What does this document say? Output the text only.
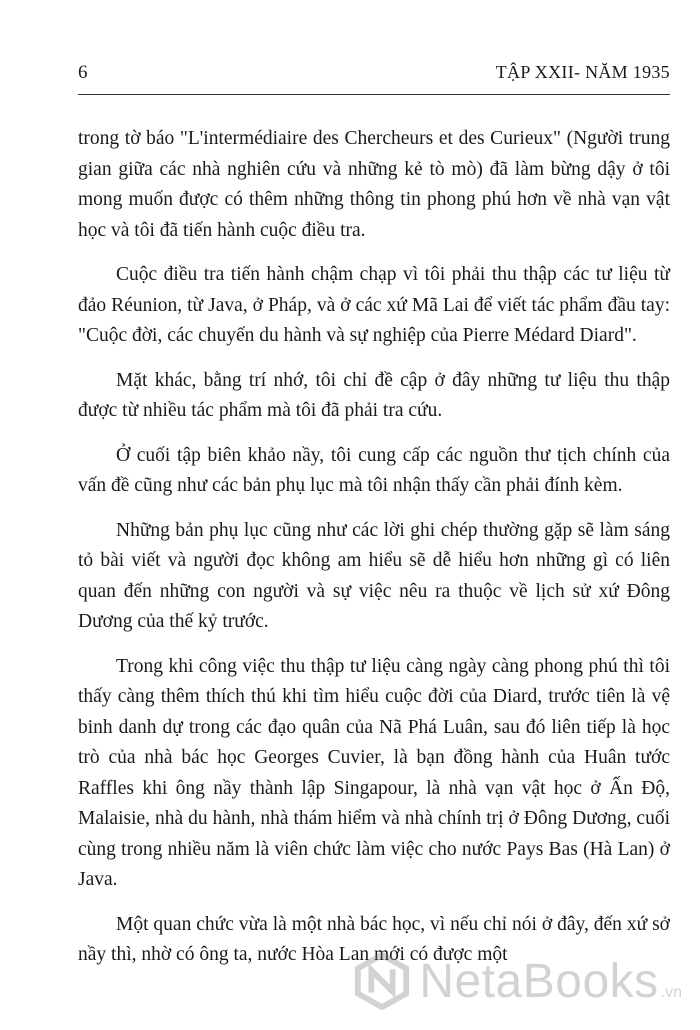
6	TẬP XXII- NĂM 1935

trong tờ báo "L'intermédiaire des Chercheurs et des Curieux" (Người trung gian giữa các nhà nghiên cứu và những kẻ tò mò) đã làm bừng dậy ở tôi mong muốn được có thêm những thông tin phong phú hơn về nhà vạn vật học và tôi đã tiến hành cuộc điều tra.

Cuộc điều tra tiến hành chậm chạp vì tôi phải thu thập các tư liệu từ đảo Réunion, từ Java, ở Pháp, và ở các xứ Mã Lai để viết tác phẩm đầu tay: "Cuộc đời, các chuyến du hành và sự nghiệp của Pierre Médard Diard".

Mặt khác, bằng trí nhớ, tôi chỉ đề cập ở đây những tư liệu thu thập được từ nhiều tác phẩm mà tôi đã phải tra cứu.

Ở cuối tập biên khảo nầy, tôi cung cấp các nguồn thư tịch chính của vấn đề cũng như các bản phụ lục mà tôi nhận thấy cần phải đính kèm.

Những bản phụ lục cũng như các lời ghi chép thường gặp sẽ làm sáng tỏ bài viết và người đọc không am hiểu sẽ dễ hiểu hơn những gì có liên quan đến những con người và sự việc nêu ra thuộc về lịch sử xứ Đông Dương của thế kỷ trước.

Trong khi công việc thu thập tư liệu càng ngày càng phong phú thì tôi thấy càng thêm thích thú khi tìm hiểu cuộc đời của Diard, trước tiên là vệ binh danh dự trong các đạo quân của Nã Phá Luân, sau đó liên tiếp là học trò của nhà bác học Georges Cuvier, là bạn đồng hành của Huân tước Raffles khi ông nầy thành lập Singapour, là nhà vạn vật học ở Ấn Độ, Malaisie, nhà du hành, nhà thám hiểm và nhà chính trị ở Đông Dương, cuối cùng trong nhiều năm là viên chức làm việc cho nước Pays Bas (Hà Lan) ở Java.

Một quan chức vừa là một nhà bác học, vì nếu chỉ nói ở đây, đến xứ sở nầy thì, nhờ có ông ta, nước Hòa Lan mới có được một

NetaBooks .vn
